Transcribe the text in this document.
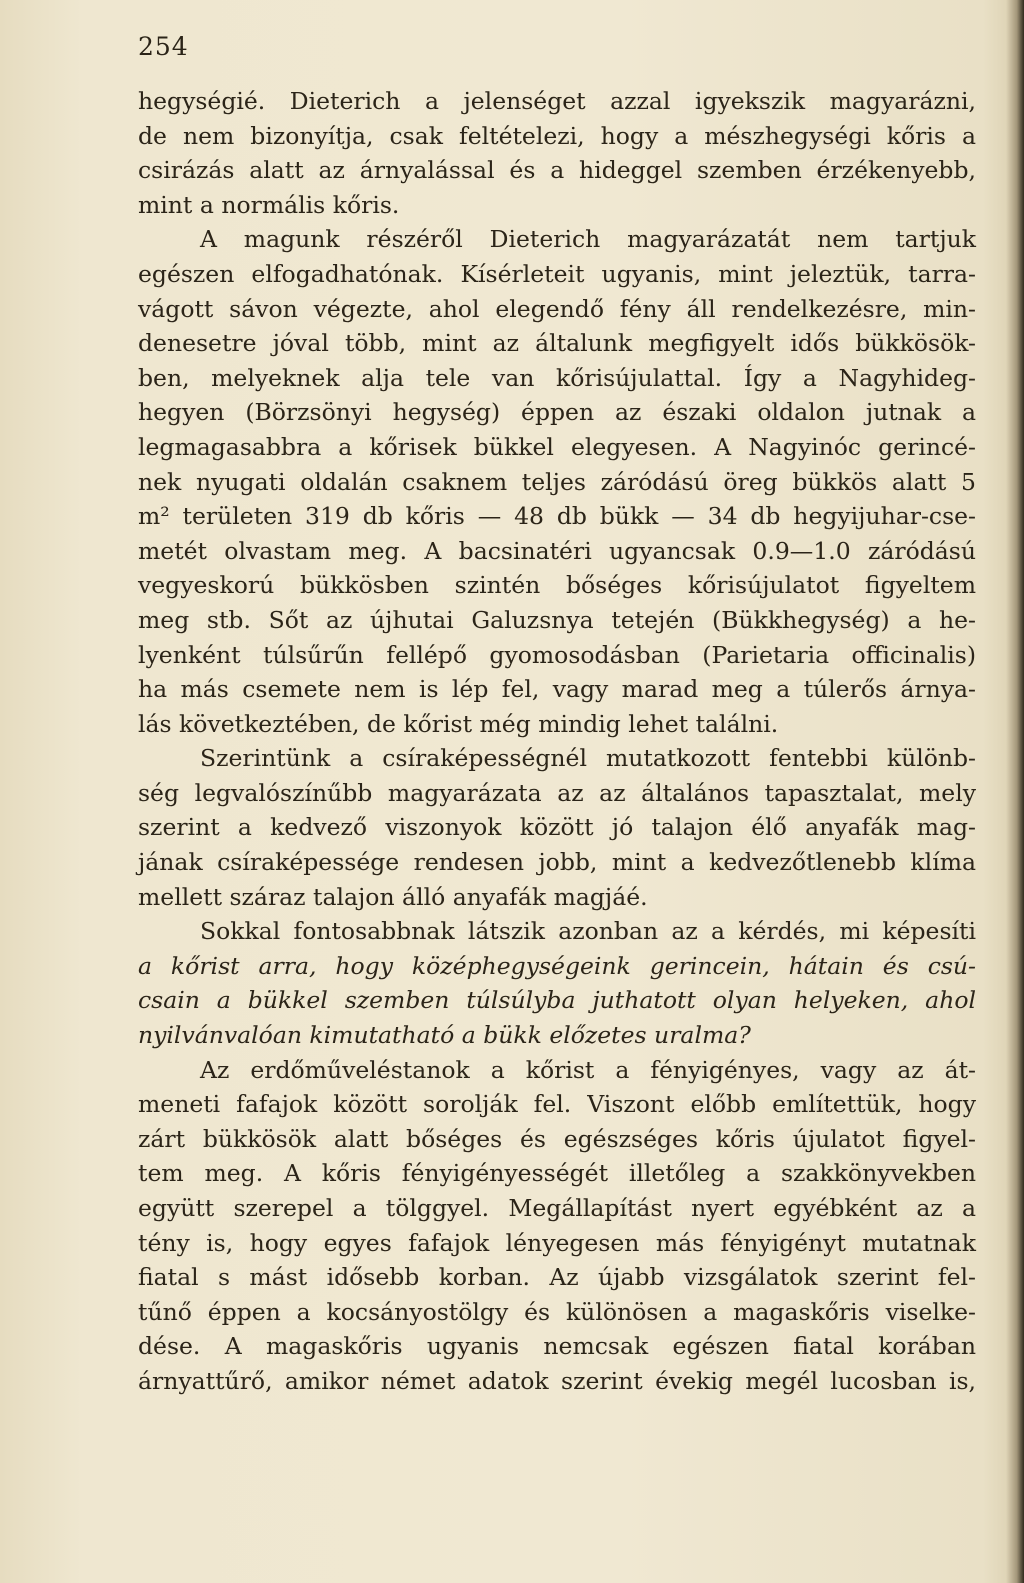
254
hegységié. Dieterich a jelenséget azzal igyekszik magyarázni,
de nem bizonyítja, csak feltételezi, hogy a mészhegységi kőris a
csirázás alatt az árnyalással és a hideggel szemben érzékenyebb,
mint a normális kőris.
A magunk részéről Dieterich magyarázatát nem tartjuk
egészen elfogadhatónak. Kísérleteit ugyanis, mint jeleztük, tarra-
vágott sávon végezte, ahol elegendő fény áll rendelkezésre, min-
denesetre jóval több, mint az általunk megfigyelt idős bükkösök-
ben, melyeknek alja tele van kőrisújulattal. Így a Nagyhideg-
hegyen (Börzsönyi hegység) éppen az északi oldalon jutnak a
legmagasabbra a kőrisek bükkel elegyesen. A Nagyinóc gerincé-
nek nyugati oldalán csaknem teljes záródású öreg bükkös alatt 5
m² területen 319 db kőris — 48 db bükk — 34 db hegyijuhar-cse-
metét olvastam meg. A bacsinatéri ugyancsak 0.9—1.0 záródású
vegyeskorú bükkösben szintén bőséges kőrisújulatot figyeltem
meg stb. Sőt az újhutai Galuzsnya tetején (Bükkhegység) a he-
lyenként túlsűrűn fellépő gyomosodásban (Parietaria officinalis)
ha más csemete nem is lép fel, vagy marad meg a túlerős árnya-
lás következtében, de kőrist még mindig lehet találni.
Szerintünk a csíraképességnél mutatkozott fentebbi különb-
ség legvalószínűbb magyarázata az az általános tapasztalat, mely
szerint a kedvező viszonyok között jó talajon élő anyafák mag-
jának csíraképessége rendesen jobb, mint a kedvezőtlenebb klíma
mellett száraz talajon álló anyafák magjáé.
Sokkal fontosabbnak látszik azonban az a kérdés, mi képesíti
a kőrist arra, hogy középhegységeink gerincein, hátain és csú-
csain a bükkel szemben túlsúlyba juthatott olyan helyeken, ahol
nyilvánvalóan kimutatható a bükk előzetes uralma?
Az erdőműveléstanok a kőrist a fényigényes, vagy az át-
meneti fafajok között sorolják fel. Viszont előbb említettük, hogy
zárt bükkösök alatt bőséges és egészséges kőris újulatot figyel-
tem meg. A kőris fényigényességét illetőleg a szakkönyvekben
együtt szerepel a tölggyel. Megállapítást nyert egyébként az a
tény is, hogy egyes fafajok lényegesen más fényigényt mutatnak
fiatal s mást idősebb korban. Az újabb vizsgálatok szerint fel-
tűnő éppen a kocsányostölgy és különösen a magaskőris viselke-
dése. A magaskőris ugyanis nemcsak egészen fiatal korában
árnyattűrő, amikor német adatok szerint évekig megél lucosban is,
